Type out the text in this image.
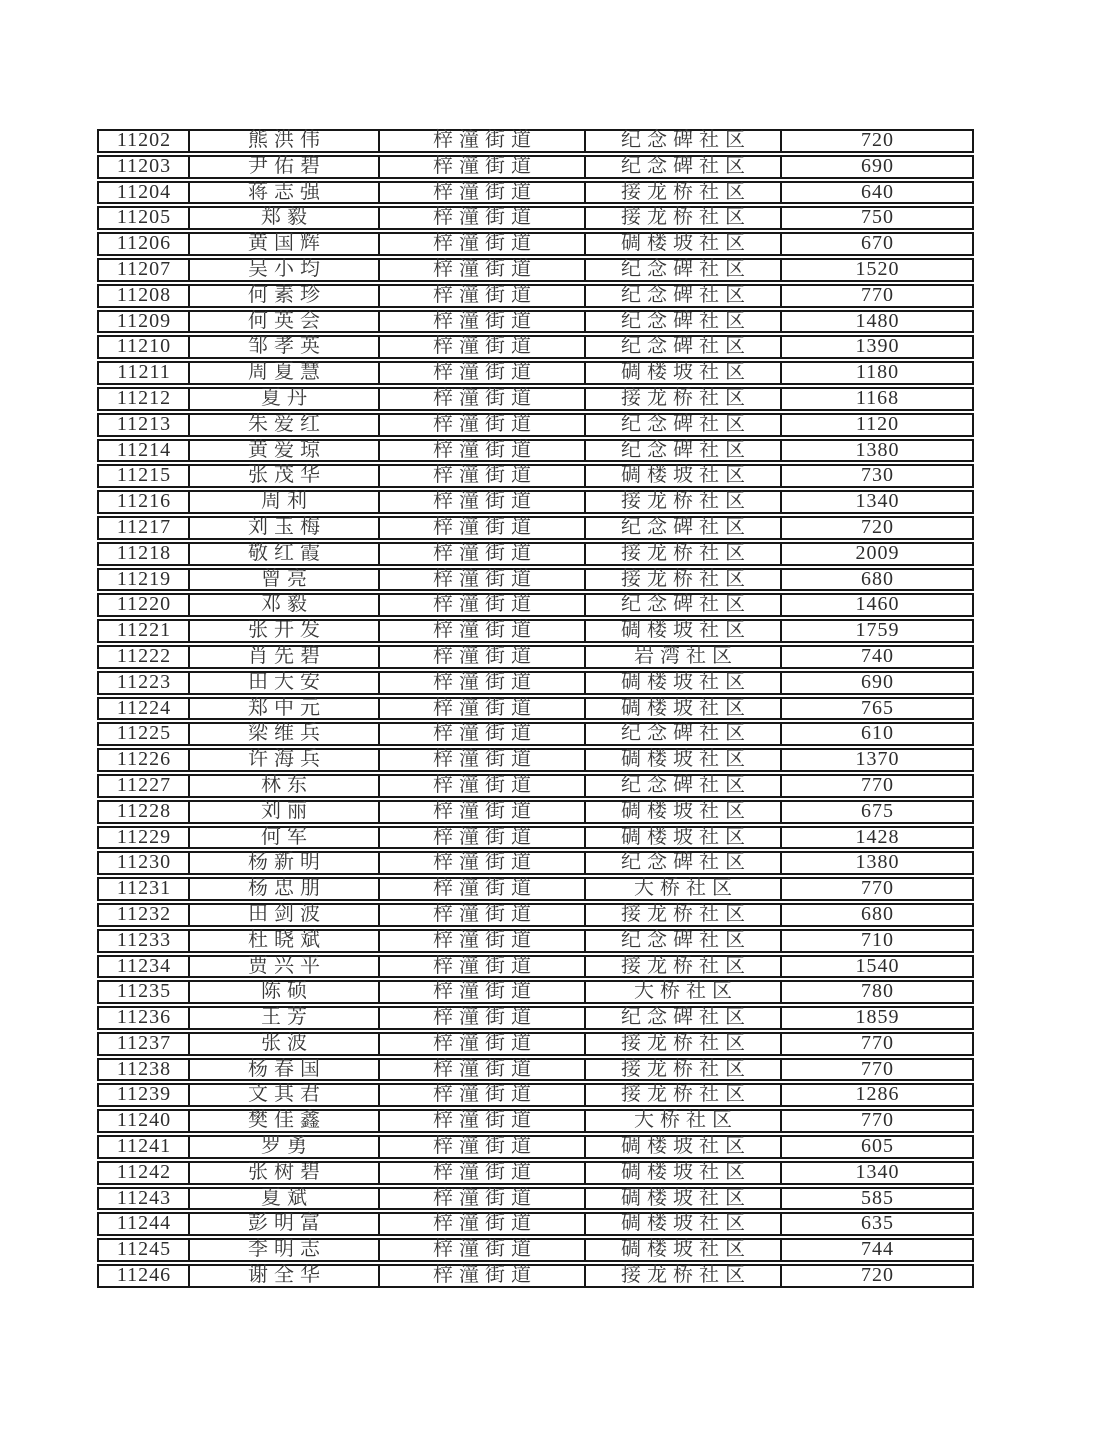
11202	熊洪伟	梓潼街道	纪念碑社区	720
11203	尹佑碧	梓潼街道	纪念碑社区	690
11204	蒋志强	梓潼街道	接龙桥社区	640
11205	郑毅	梓潼街道	接龙桥社区	750
11206	黄国辉	梓潼街道	碉楼坡社区	670
11207	吴小均	梓潼街道	纪念碑社区	1520
11208	何素珍	梓潼街道	纪念碑社区	770
11209	何英会	梓潼街道	纪念碑社区	1480
11210	邹孝英	梓潼街道	纪念碑社区	1390
11211	周夏慧	梓潼街道	碉楼坡社区	1180
11212	夏丹	梓潼街道	接龙桥社区	1168
11213	朱爱红	梓潼街道	纪念碑社区	1120
11214	黄爱琼	梓潼街道	纪念碑社区	1380
11215	张茂华	梓潼街道	碉楼坡社区	730
11216	周利	梓潼街道	接龙桥社区	1340
11217	刘玉梅	梓潼街道	纪念碑社区	720
11218	敬红霞	梓潼街道	接龙桥社区	2009
11219	曾亮	梓潼街道	接龙桥社区	680
11220	邓毅	梓潼街道	纪念碑社区	1460
11221	张开发	梓潼街道	碉楼坡社区	1759
11222	肖先碧	梓潼街道	岩湾社区	740
11223	田大安	梓潼街道	碉楼坡社区	690
11224	郑中元	梓潼街道	碉楼坡社区	765
11225	梁维兵	梓潼街道	纪念碑社区	610
11226	许海兵	梓潼街道	碉楼坡社区	1370
11227	林东	梓潼街道	纪念碑社区	770
11228	刘丽	梓潼街道	碉楼坡社区	675
11229	何军	梓潼街道	碉楼坡社区	1428
11230	杨新明	梓潼街道	纪念碑社区	1380
11231	杨忠朋	梓潼街道	大桥社区	770
11232	田剑波	梓潼街道	接龙桥社区	680
11233	杜晓斌	梓潼街道	纪念碑社区	710
11234	贾兴平	梓潼街道	接龙桥社区	1540
11235	陈硕	梓潼街道	大桥社区	780
11236	王芳	梓潼街道	纪念碑社区	1859
11237	张波	梓潼街道	接龙桥社区	770
11238	杨春国	梓潼街道	接龙桥社区	770
11239	文其君	梓潼街道	接龙桥社区	1286
11240	樊佳鑫	梓潼街道	大桥社区	770
11241	罗勇	梓潼街道	碉楼坡社区	605
11242	张树碧	梓潼街道	碉楼坡社区	1340
11243	夏斌	梓潼街道	碉楼坡社区	585
11244	彭明富	梓潼街道	碉楼坡社区	635
11245	李明志	梓潼街道	碉楼坡社区	744
11246	谢全华	梓潼街道	接龙桥社区	720
